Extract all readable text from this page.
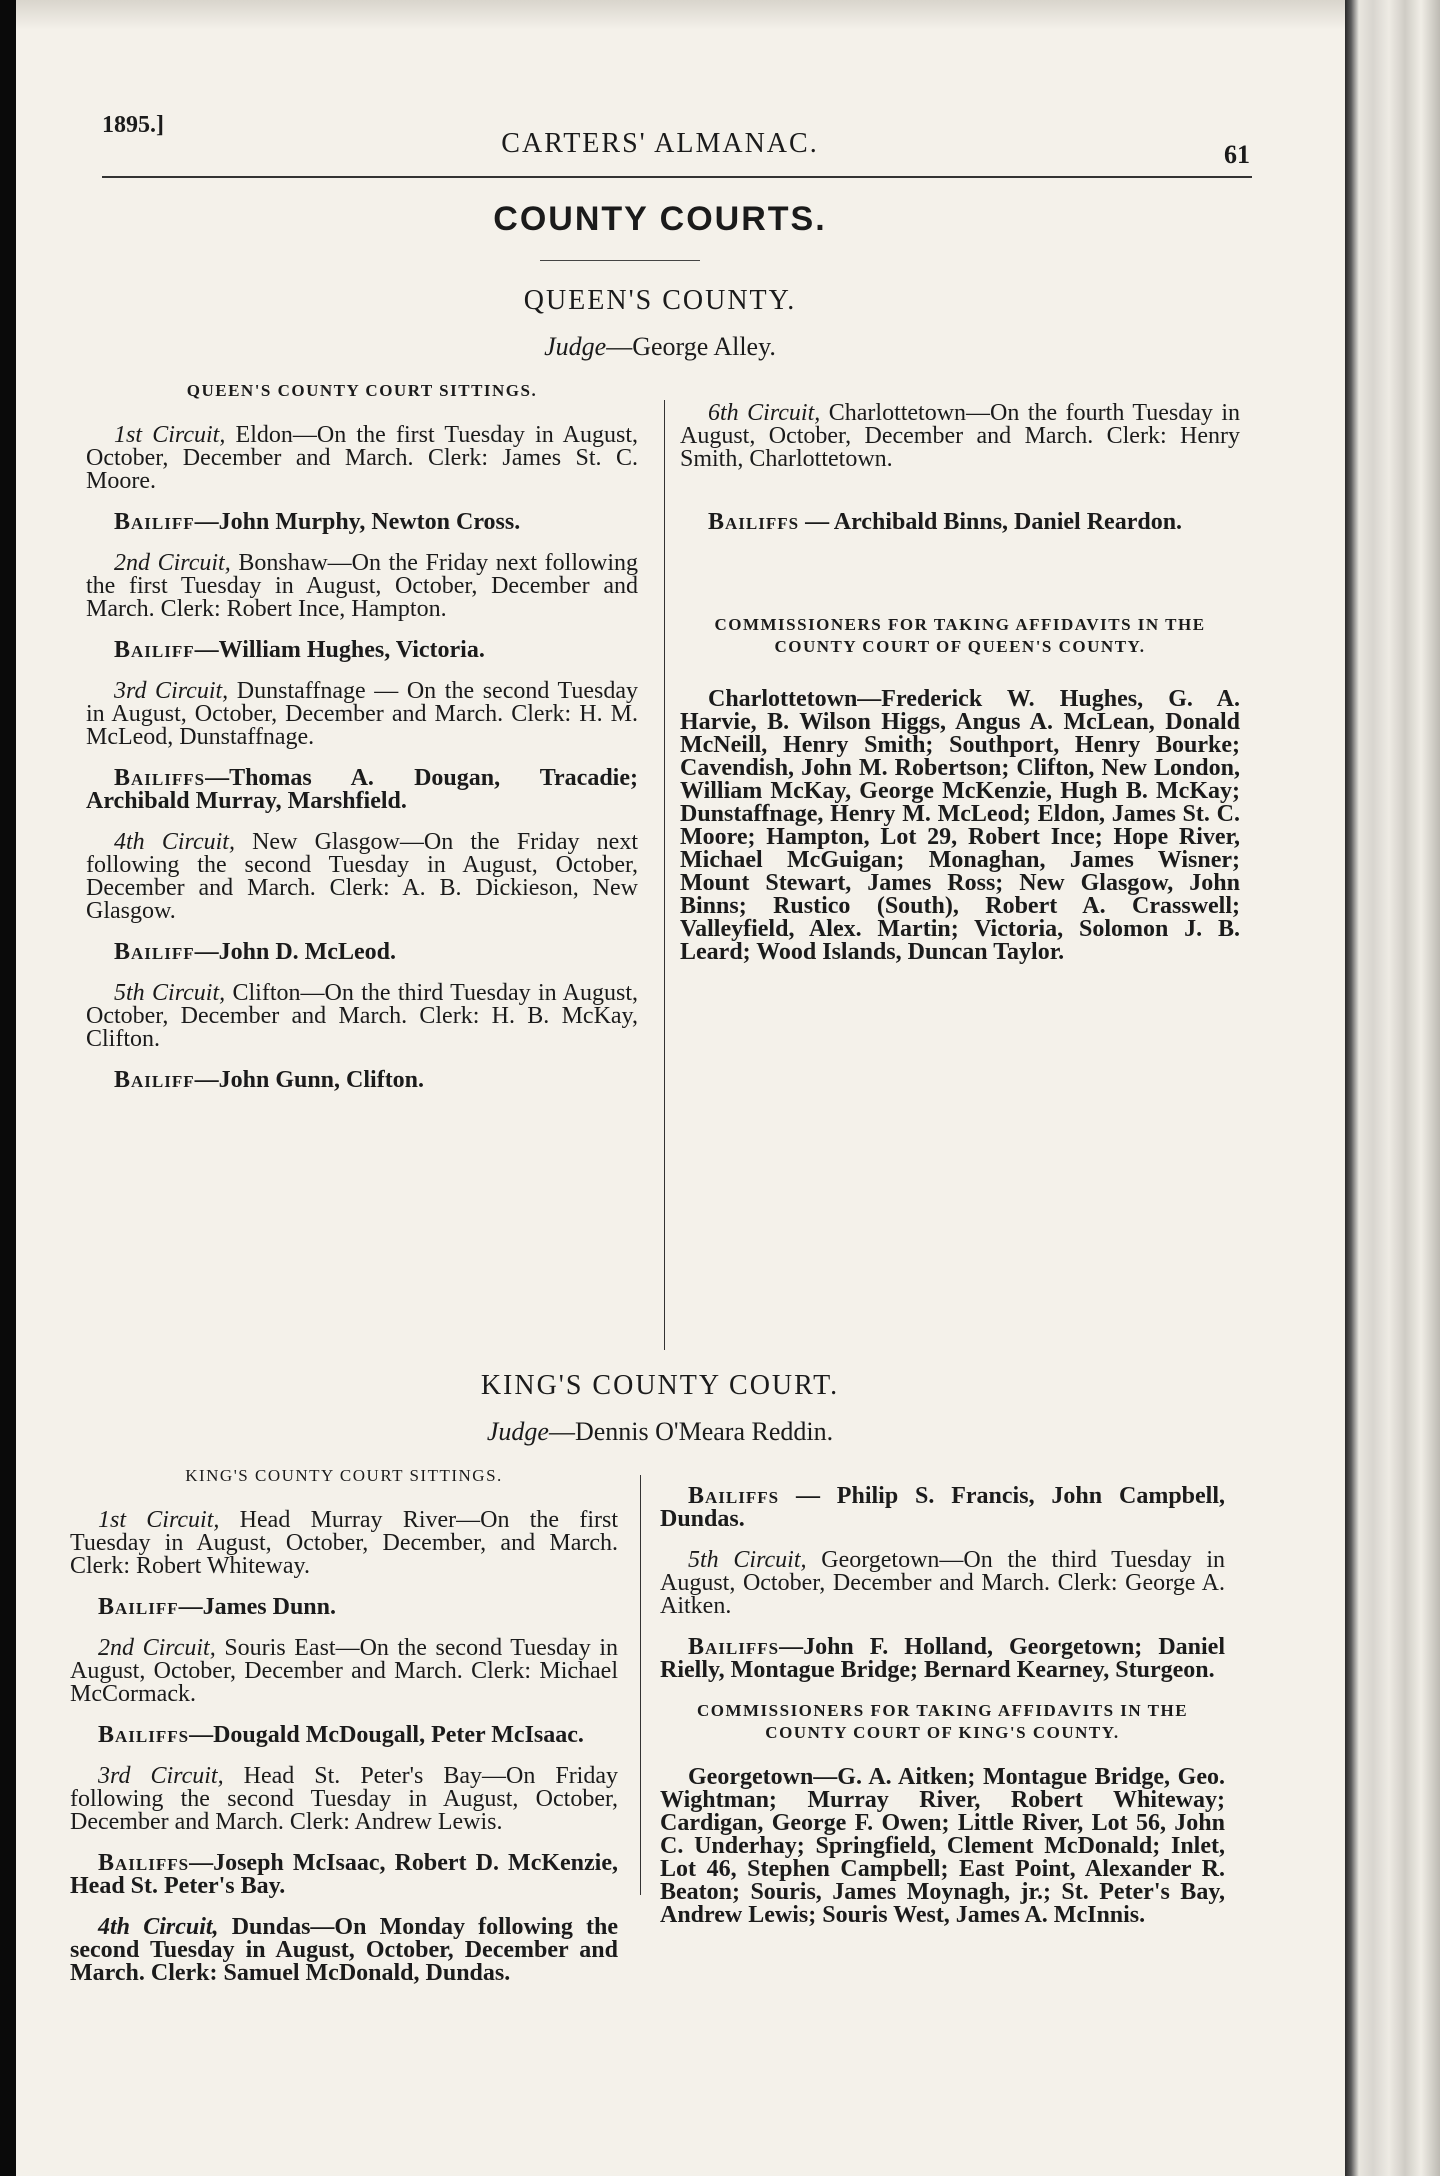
1895.]
CARTERS' ALMANAC.	61
COUNTY COURTS.
QUEEN'S COUNTY.
Judge—George Alley.

QUEEN'S COUNTY COURT SITTINGS.

1st Circuit, Eldon—On the first Tuesday in August, October, December and March. Clerk: James St. C. Moore.

Bailiff—John Murphy, Newton Cross.

2nd Circuit, Bonshaw—On the Friday next following the first Tuesday in August, October, December and March. Clerk: Robert Ince, Hampton.

Bailiff—William Hughes, Victoria.

3rd Circuit, Dunstaffnage — On the second Tuesday in August, October, December and March. Clerk: H. M. McLeod, Dunstaffnage.

Bailiffs—Thomas A. Dougan, Tracadie; Archibald Murray, Marshfield.

4th Circuit, New Glasgow—On the Friday next following the second Tuesday in August, October, December and March. Clerk: A. B. Dickieson, New Glasgow.

Bailiff—John D. McLeod.

5th Circuit, Clifton—On the third Tuesday in August, October, December and March. Clerk: H. B. McKay, Clifton.

Bailiff—John Gunn, Clifton.

6th Circuit, Charlottetown—On the fourth Tuesday in August, October, December and March. Clerk: Henry Smith, Charlottetown.

Bailiffs — Archibald Binns, Daniel Reardon.

COMMISSIONERS FOR TAKING AFFIDAVITS IN THE COUNTY COURT OF QUEEN'S COUNTY.

Charlottetown—Frederick W. Hughes, G. A. Harvie, B. Wilson Higgs, Angus A. McLean, Donald McNeill, Henry Smith; Southport, Henry Bourke; Cavendish, John M. Robertson; Clifton, New London, William McKay, George McKenzie, Hugh B. McKay; Dunstaffnage, Henry M. McLeod; Eldon, James St. C. Moore; Hampton, Lot 29, Robert Ince; Hope River, Michael McGuigan; Monaghan, James Wisner; Mount Stewart, James Ross; New Glasgow, John Binns; Rustico (South), Robert A. Crasswell; Valleyfield, Alex. Martin; Victoria, Solomon J. B. Leard; Wood Islands, Duncan Taylor.

KING'S COUNTY COURT.
Judge—Dennis O'Meara Reddin.

KING'S COUNTY COURT SITTINGS.

1st Circuit, Head Murray River—On the first Tuesday in August, October, December, and March. Clerk: Robert Whiteway.

Bailiff—James Dunn.

2nd Circuit, Souris East—On the second Tuesday in August, October, December and March. Clerk: Michael McCormack.

Bailiffs—Dougald McDougall, Peter McIsaac.

3rd Circuit, Head St. Peter's Bay—On Friday following the second Tuesday in August, October, December and March. Clerk: Andrew Lewis.

Bailiffs—Joseph McIsaac, Robert D. McKenzie, Head St. Peter's Bay.

4th Circuit, Dundas—On Monday following the second Tuesday in August, October, December and March. Clerk: Samuel McDonald, Dundas.

Bailiffs — Philip S. Francis, John Campbell, Dundas.

5th Circuit, Georgetown—On the third Tuesday in August, October, December and March. Clerk: George A. Aitken.

Bailiffs—John F. Holland, Georgetown; Daniel Rielly, Montague Bridge; Bernard Kearney, Sturgeon.

COMMISSIONERS FOR TAKING AFFIDAVITS IN THE COUNTY COURT OF KING'S COUNTY.

Georgetown—G. A. Aitken; Montague Bridge, Geo. Wightman; Murray River, Robert Whiteway; Cardigan, George F. Owen; Little River, Lot 56, John C. Underhay; Springfield, Clement McDonald; Inlet, Lot 46, Stephen Campbell; East Point, Alexander R. Beaton; Souris, James Moynagh, jr.; St. Peter's Bay, Andrew Lewis; Souris West, James A. McInnis.
